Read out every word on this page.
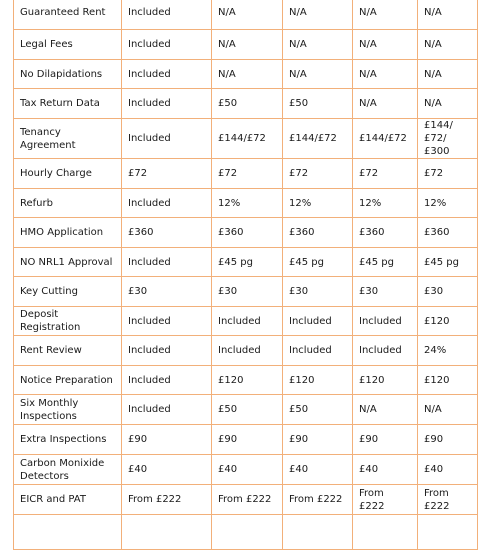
Guaranteed Rent	Included	N/A	N/A	N/A	N/A
Legal Fees	Included	N/A	N/A	N/A	N/A
No Dilapidations	Included	N/A	N/A	N/A	N/A
Tax Return Data	Included	£50	£50	N/A	N/A
Tenancy Agreement	Included	£144/£72	£144/£72	£144/£72	£144/£72/ £300
Hourly Charge	£72	£72	£72	£72	£72
Refurb	Included	12%	12%	12%	12%
HMO Application	£360	£360	£360	£360	£360
NO NRL1 Approval	Included	£45 pg	£45 pg	£45 pg	£45 pg
Key Cutting	£30	£30	£30	£30	£30
Deposit Registration	Included	Included	Included	Included	£120
Rent Review	Included	Included	Included	Included	24%
Notice Preparation	Included	£120	£120	£120	£120
Six Monthly Inspections	Included	£50	£50	N/A	N/A
Extra Inspections	£90	£90	£90	£90	£90
Carbon Monixide Detectors	£40	£40	£40	£40	£40
EICR and PAT	From £222	From £222	From £222	From £222	From £222
